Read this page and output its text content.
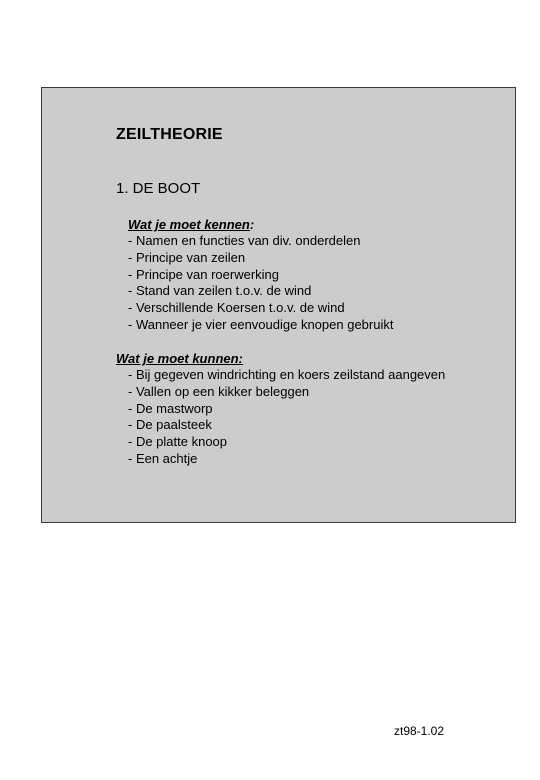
ZEILTHEORIE
1. DE BOOT
Wat je moet kennen:
- Namen en functies van div. onderdelen
- Principe van zeilen
- Principe van roerwerking
- Stand van zeilen t.o.v. de wind
- Verschillende Koersen t.o.v. de wind
- Wanneer je vier eenvoudige knopen gebruikt
Wat je moet kunnen:
- Bij gegeven windrichting en koers zeilstand aangeven
- Vallen op een kikker beleggen
- De mastworp
- De paalsteek
- De platte knoop
- Een achtje
zt98-1.02
